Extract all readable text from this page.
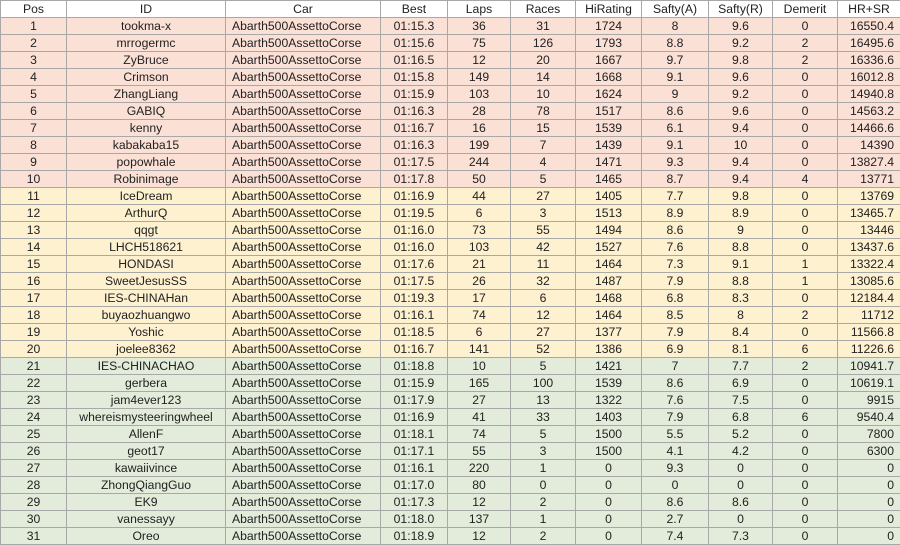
Pos	ID	Car	Best	Laps	Races	HiRating	Safty(A)	Safty(R)	Demerit	HR+SR
1	tookma-x	Abarth500AssettoCorse	01:15.3	36	31	1724	8	9.6	0	16550.4
2	mrrogermc	Abarth500AssettoCorse	01:15.6	75	126	1793	8.8	9.2	2	16495.6
3	ZyBruce	Abarth500AssettoCorse	01:16.5	12	20	1667	9.7	9.8	2	16336.6
4	Crimson	Abarth500AssettoCorse	01:15.8	149	14	1668	9.1	9.6	0	16012.8
5	ZhangLiang	Abarth500AssettoCorse	01:15.9	103	10	1624	9	9.2	0	14940.8
6	GABIQ	Abarth500AssettoCorse	01:16.3	28	78	1517	8.6	9.6	0	14563.2
7	kenny	Abarth500AssettoCorse	01:16.7	16	15	1539	6.1	9.4	0	14466.6
8	kabakaba15	Abarth500AssettoCorse	01:16.3	199	7	1439	9.1	10	0	14390
9	popowhale	Abarth500AssettoCorse	01:17.5	244	4	1471	9.3	9.4	0	13827.4
10	Robinimage	Abarth500AssettoCorse	01:17.8	50	5	1465	8.7	9.4	4	13771
11	IceDream	Abarth500AssettoCorse	01:16.9	44	27	1405	7.7	9.8	0	13769
12	ArthurQ	Abarth500AssettoCorse	01:19.5	6	3	1513	8.9	8.9	0	13465.7
13	qqgt	Abarth500AssettoCorse	01:16.0	73	55	1494	8.6	9	0	13446
14	LHCH518621	Abarth500AssettoCorse	01:16.0	103	42	1527	7.6	8.8	0	13437.6
15	HONDASI	Abarth500AssettoCorse	01:17.6	21	11	1464	7.3	9.1	1	13322.4
16	SweetJesusSS	Abarth500AssettoCorse	01:17.5	26	32	1487	7.9	8.8	1	13085.6
17	IES-CHINAHan	Abarth500AssettoCorse	01:19.3	17	6	1468	6.8	8.3	0	12184.4
18	buyaozhuangwo	Abarth500AssettoCorse	01:16.1	74	12	1464	8.5	8	2	11712
19	Yoshic	Abarth500AssettoCorse	01:18.5	6	27	1377	7.9	8.4	0	11566.8
20	joelee8362	Abarth500AssettoCorse	01:16.7	141	52	1386	6.9	8.1	6	11226.6
21	IES-CHINACHAO	Abarth500AssettoCorse	01:18.8	10	5	1421	7	7.7	2	10941.7
22	gerbera	Abarth500AssettoCorse	01:15.9	165	100	1539	8.6	6.9	0	10619.1
23	jam4ever123	Abarth500AssettoCorse	01:17.9	27	13	1322	7.6	7.5	0	9915
24	whereismysteeringwheel	Abarth500AssettoCorse	01:16.9	41	33	1403	7.9	6.8	6	9540.4
25	AllenF	Abarth500AssettoCorse	01:18.1	74	5	1500	5.5	5.2	0	7800
26	geot17	Abarth500AssettoCorse	01:17.1	55	3	1500	4.1	4.2	0	6300
27	kawaiivince	Abarth500AssettoCorse	01:16.1	220	1	0	9.3	0	0	0
28	ZhongQiangGuo	Abarth500AssettoCorse	01:17.0	80	0	0	0	0	0	0
29	EK9	Abarth500AssettoCorse	01:17.3	12	2	0	8.6	8.6	0	0
30	vanessayy	Abarth500AssettoCorse	01:18.0	137	1	0	2.7	0	0	0
31	Oreo	Abarth500AssettoCorse	01:18.9	12	2	0	7.4	7.3	0	0
